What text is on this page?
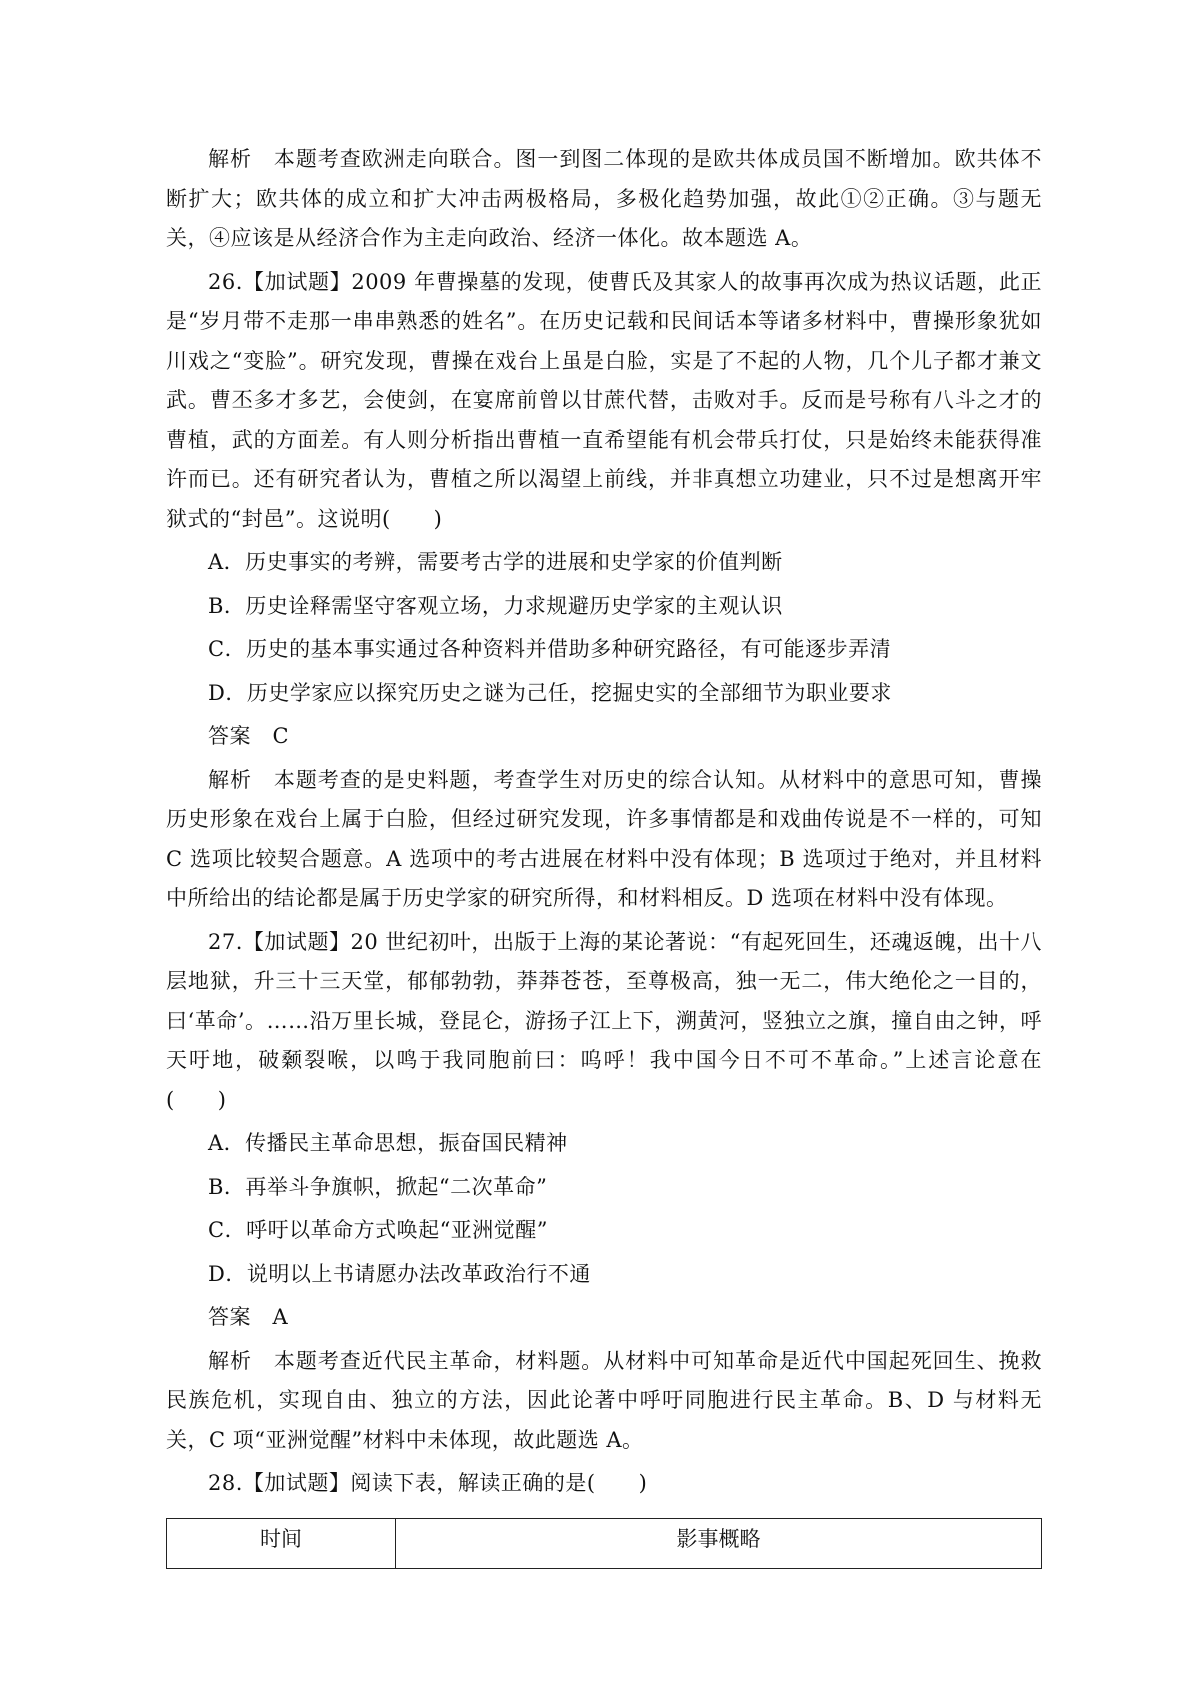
解析　本题考查欧洲走向联合。图一到图二体现的是欧共体成员国不断增加。欧共体不断扩大；欧共体的成立和扩大冲击两极格局，多极化趋势加强，故此①②正确。③与题无关，④应该是从经济合作为主走向政治、经济一体化。故本题选 A。

26.【加试题】2009 年曹操墓的发现，使曹氏及其家人的故事再次成为热议话题，此正是“岁月带不走那一串串熟悉的姓名”。在历史记载和民间话本等诸多材料中，曹操形象犹如川戏之“变脸”。研究发现，曹操在戏台上虽是白脸，实是了不起的人物，几个儿子都才兼文武。曹丕多才多艺，会使剑，在宴席前曾以甘蔗代替，击败对手。反而是号称有八斗之才的曹植，武的方面差。有人则分析指出曹植一直希望能有机会带兵打仗，只是始终未能获得准许而已。还有研究者认为，曹植之所以渴望上前线，并非真想立功建业，只不过是想离开牢狱式的“封邑”。这说明(　　)

A．历史事实的考辨，需要考古学的进展和史学家的价值判断

B．历史诠释需坚守客观立场，力求规避历史学家的主观认识

C．历史的基本事实通过各种资料并借助多种研究路径，有可能逐步弄清

D．历史学家应以探究历史之谜为己任，挖掘史实的全部细节为职业要求

答案　C

解析　本题考查的是史料题，考查学生对历史的综合认知。从材料中的意思可知，曹操历史形象在戏台上属于白脸，但经过研究发现，许多事情都是和戏曲传说是不一样的，可知 C 选项比较契合题意。A 选项中的考古进展在材料中没有体现；B 选项过于绝对，并且材料中所给出的结论都是属于历史学家的研究所得，和材料相反。D 选项在材料中没有体现。

27.【加试题】20 世纪初叶，出版于上海的某论著说：“有起死回生，还魂返魄，出十八层地狱，升三十三天堂，郁郁勃勃，莽莽苍苍，至尊极高，独一无二，伟大绝伦之一目的，曰‘革命’。……沿万里长城，登昆仑，游扬子江上下，溯黄河，竖独立之旗，撞自由之钟，呼天吁地，破颡裂喉，以鸣于我同胞前曰：呜呼！我中国今日不可不革命。”上述言论意在(　　)

A．传播民主革命思想，振奋国民精神

B．再举斗争旗帜，掀起“二次革命”

C．呼吁以革命方式唤起“亚洲觉醒”

D．说明以上书请愿办法改革政治行不通

答案　A

解析　本题考查近代民主革命，材料题。从材料中可知革命是近代中国起死回生、挽救民族危机，实现自由、独立的方法，因此论著中呼吁同胞进行民主革命。B、D 与材料无关，C 项“亚洲觉醒”材料中未体现，故此题选 A。

28.【加试题】阅读下表，解读正确的是(　　)

时间	影事概略
